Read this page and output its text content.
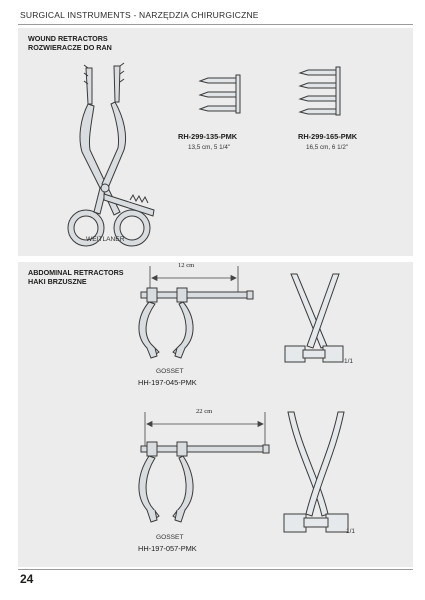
SURGICAL INSTRUMENTS - NARZĘDZIA CHIRURGICZNE
WOUND RETRACTORS
ROZWIERACZE DO RAN
WEITLANER
RH-299-135-PMK
13,5 cm, 5 1/4"
RH-299-165-PMK
16,5 cm, 6 1/2"
ABDOMINAL RETRACTORS
HAKI BRZUSZNE
12 cm
GOSSET
HH-197-045-PMK
1/1
22 cm
GOSSET
HH-197-057-PMK
1/1
24
